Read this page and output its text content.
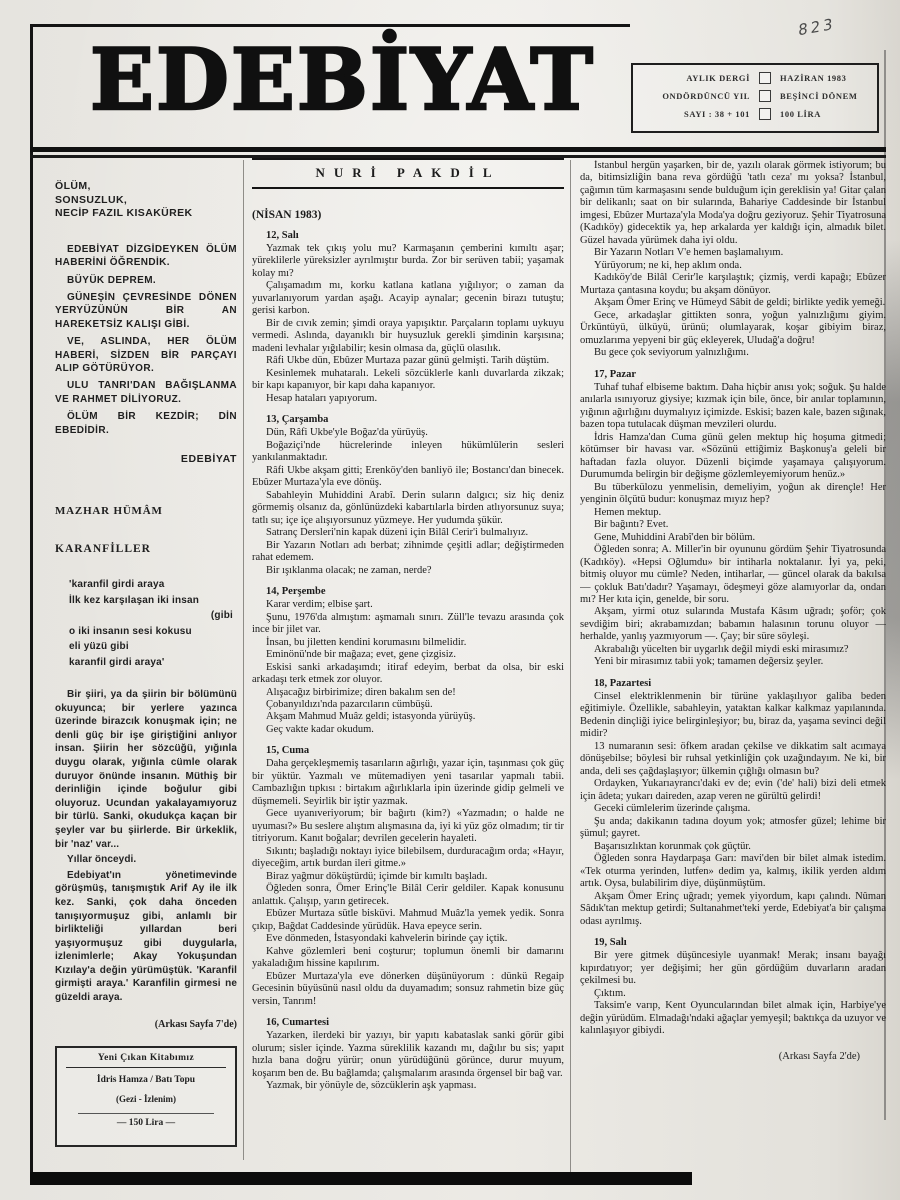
823
EDEBİYAT	AYLIK DERGİ	HAZİRAN 1983
ONDÖRDÜNCÜ YIL	BEŞİNCİ DÖNEM
SAYI : 38 + 101	100 LİRA

ÖLÜM,

SONSUZLUK,

NECİP FAZIL KISAKÜREK

EDEBİYAT DİZGİDEYKEN ÖLÜM HABERİNİ ÖĞRENDİK.

BÜYÜK DEPREM.

GÜNEŞİN ÇEVRESİNDE DÖNEN YERYÜZÜNÜN BİR AN HAREKETSİZ KALIŞI GİBİ.

VE, ASLINDA, HER ÖLÜM HABERİ, SİZDEN BİR PARÇAYI ALIP GÖTÜRÜYOR.

ULU TANRI'DAN BAĞIŞLANMA VE RAHMET DİLİYORUZ.

ÖLÜM BİR KEZDİR; DİN EBEDİDİR.

EDEBİYAT

MAZHAR HÜMÂM

KARANFİLLER

'karanfil girdi araya

İlk kez karşılaşan iki insan

(gibi

o iki insanın sesi kokusu

eli yüzü gibi

karanfil girdi araya'

Bir şiiri, ya da şiirin bir bölümünü okuyunca; bir yerlere yazınca üzerinde birazcık konuşmak için; ne denli güç bir işe giriştiğini anlıyor insan. Şiirin her sözcüğü, yığınla duygu olarak, yığınla cümle olarak duruyor önünde insanın. Müthiş bir derinliğin içinde boğulur gibi oluyoruz. Ucundan yakalayamıyoruz bir türlü. Sanki, okudukça kaçan bir şeyler var bu şiirlerde. Bir ürkeklik, bir 'naz' var...

Yıllar önceydi.

Edebiyat'ın yönetimevinde görüşmüş, tanışmıştık Arif Ay ile ilk kez. Sanki, çok daha önceden tanışıyormuşuz gibi, anlamlı bir birlikteliği yıllardan beri yaşıyormuşuz gibi duygularla, izlenimlerle; Akay Yokuşundan Kızılay'a değin yürümüştük. 'Karanfil girmişti araya.' Karanfilin girmesi ne güzeldi araya.

(Arkası Sayfa 7'de)

Yeni Çıkan Kitabımız

İdris Hamza / Batı Topu

(Gezi - İzlenim)

— 150 Lira —

NURİ PAKDİL
(NİSAN 1983)
12, Salı

Yazmak tek çıkış yolu mu? Karmaşanın çemberini kımıltı aşar; yüreklilerle yüreksizler ayrılmıştır burda. Zor bir serüven tabii; yaşamak kolay mı?

Çalışamadım mı, korku katlana katlana yığılıyor; o zaman da yuvarlanıyorum yardan aşağı. Acayip aynalar; gecenin birazı tutuştu; gerisi karbon.

Bir de cıvık zemin; şimdi oraya yapışıktır. Parçaların toplamı uykuyu vermedi. Aslında, dayanıklı bir huysuzluk gerekli şimdinin karşısına; madeni levhalar yığılabilir; kesin olmasa da, güçlü olasılık.

Râfi Ukbe dün, Ebûzer Murtaza pazar günü gelmişti. Tarih düştüm.

Kesinlemek muhataralı. Lekeli sözcüklerle kanlı duvarlarda zikzak; bir kapı kapanıyor, bir kapı daha kapanıyor.

Hesap hataları yapıyorum.

13, Çarşamba

Dün, Râfi Ukbe'yle Boğaz'da yürüyüş.

Boğaziçi'nde hücrelerinde inleyen hükümlülerin sesleri yankılanmaktadır.

Râfi Ukbe akşam gitti; Erenköy'den banliyö ile; Bostancı'dan binecek. Ebûzer Murtaza'yla eve dönüş.

Sabahleyin Muhiddini Arabî. Derin suların dalgıcı; siz hiç deniz görmemiş olsanız da, gönlünüzdeki kabartılarla birden atlıyorsunuz suya; tatlı su; içe içe alışıyorsunuz yüzmeye. Her yudumda şükür.

Satranç Dersleri'nin kapak düzeni için Bilâl Cerir'i bulmalıyız.

Bir Yazarın Notları adı berbat; zihnimde çeşitli adlar; değiştirmeden rahat edemem.

Bir ışıklanma olacak; ne zaman, nerde?

14, Perşembe

Karar verdim; elbise şart.

Şunu, 1976'da almıştım: aşmamalı sınırı. Züll'le tevazu arasında çok ince bir jilet var.

İnsan, bu jiletten kendini korumasını bilmelidir.

Eminönü'nde bir mağaza; evet, gene çizgisiz.

Eskisi sanki arkadaşımdı; itiraf edeyim, berbat da olsa, bir eski arkadaşı terk etmek zor oluyor.

Alışacağız birbirimize; diren bakalım sen de!

Çobanyıldızı'nda pazarcıların cümbüşü.

Akşam Mahmud Muâz geldi; istasyonda yürüyüş.

Geç vakte kadar okudum.

15, Cuma

Daha gerçekleşmemiş tasarıların ağırlığı, yazar için, taşınması çok güç bir yüktür. Yazmalı ve mütemadiyen yeni tasarılar yapmalı tabii. Cambazlığın tıpkısı : birtakım ağırlıklarla ipin üzerinde gidip gelmeli ve düşmemeli. Seyirlik bir iştir yazmak.

Gece uyanıveriyorum; bir bağırtı (kim?) «Yazmadın; o halde ne uyuması?» Bu seslere alıştım alışmasına da, iyi ki yüz göz olmadım; tir tir titriyorum. Kanıt boğalar; devrilen gecelerin hayaleti.

Sıkıntı; başladığı noktayı iyice bilebilsem, durduracağım orda; «Hayır, diyeceğim, artık burdan ileri gitme.»

Biraz yağmur döküştürdü; içimde bir kımıltı başladı.

Öğleden sonra, Ömer Erinç'le Bilâl Cerir geldiler. Kapak konusunu anlattık. Çalışıp, yarın getirecek.

Ebûzer Murtaza sütle bisküvi. Mahmud Muâz'la yemek yedik. Sonra çıkıp, Bağdat Caddesinde yürüdük. Hava epeyce serin.

Eve dönmeden, İstasyondaki kahvelerin birinde çay içtik.

Kahve gözlemleri beni coşturur; toplumun önemli bir damarını yakaladığım hissine kapılırım.

Ebûzer Murtaza'yla eve dönerken düşünüyorum : dünkü Regaip Gecesinin büyüsünü nasıl oldu da duyamadım; sonsuz rahmetin bize güç versin, Tanrım!

16, Cumartesi

Yazarken, ilerdeki bir yazıyı, bir yapıtı kabataslak sanki görür gibi olurum; sisler içinde. Yazma süreklilik kazandı mı, dağılır bu sis; yapıt hızla bana doğru yürür; onun yürüdüğünü görünce, durur muyum, koşarım ben de. Bu bağlamda; çalışmalarım arasında örgensel bir bağ var.

Yazmak, bir yönüyle de, sözcüklerin aşk yapması.

İstanbul hergün yaşarken, bir de, yazılı olarak görmek istiyorum; bu da, bitimsizliğin bana reva gördüğü 'tatlı ceza' mı yoksa? İstanbul, çağımın tüm karmaşasını sende bulduğum için gereklisin ya! Gitar çalan bir delikanlı; saat on bir sularında, Bahariye Caddesinde bir İstanbul imgesi, Ebûzer Murtaza'yla Moda'ya doğru geziyoruz. Şehir Tiyatrosuna (Kadıköy) gidecektik ya, hep arkalarda yer kaldığı için, almadık bilet. Güzel havada yürümek daha iyi oldu.

Bir Yazarın Notları V'e hemen başlamalıyım.

Yürüyorum; ne ki, hep aklım onda.

Kadıköy'de Bilâl Cerir'le karşılaştık; çizmiş, verdi kapağı; Ebûzer Murtaza çantasına koydu; bu akşam dönüyor.

Akşam Ömer Erinç ve Hümeyd Sâbit de geldi; birlikte yedik yemeği.

Gece, arkadaşlar gittikten sonra, yoğun yalnızlığımı giyim. Ürküntüyü, ülküyü, ürünü; olumlayarak, koşar gibiyim biraz, omuzlarıma yepyeni bir güç ekleyerek, Uludağ'a doğru!

Bu gece çok seviyorum yalnızlığımı.

17, Pazar

Tuhaf tuhaf elbiseme baktım. Daha hiçbir anısı yok; soğuk. Şu halde anılarla ısınıyoruz giysiye; kızmak için bile, önce, bir anılar toplamının, yığının ağırlığını duymalıyız içimizde. Eskisi; bazen kale, bazen sığınak, bazen topa tutulacak düşman mevzileri olurdu.

İdris Hamza'dan Cuma günü gelen mektup hiç hoşuma gitmedi; kötümser bir havası var. «Sözünü ettiğimiz Başkonuş'a geleli bir haftadan fazla oluyor. Düzenli biçimde yaşamaya çalışıyorum. Durumumda belirgin bir değişme gözlemleyemiyorum henüz.»

Bu tüberkülozu yenmelisin, demeliyim, yoğun ak dirençle! Her yenginin ölçütü budur: konuşmaz mıyız hep?

Hemen mektup.

Bir bağıntı? Evet.

Gene, Muhiddini Arabî'den bir bölüm.

Öğleden sonra; A. Miller'in bir oyununu gördüm Şehir Tiyatrosunda (Kadıköy). «Hepsi Oğlumdu» bir intiharla noktalanır. İyi ya, peki, bitmiş oluyor mu cümle? Neden, intiharlar, — güncel olarak da bakılsa — çokluk Batı'dadır? Yaşamayı, ödeşmeyi göze alamıyorlar da, ondan mı? Her kıta için, genelde, bir soru.

Akşam, yirmi otuz sularında Mustafa Kâsım uğradı; şoför; çok sevdiğim biri; akrabamızdan; babamın halasının torunu oluyor — herhalde, yanlış yazmıyorum —. Çay; bir süre söyleşi.

Akrabalığı yücelten bir uygarlık değil miydi eski mirasımız?

Yeni bir mirasımız tabii yok; tamamen değersiz şeyler.

18, Pazartesi

Cinsel elektriklenmenin bir türüne yaklaşılıyor galiba beden eğitimiyle. Özellikle, sabahleyin, yataktan kalkar kalkmaz yapılanında. Bedenin dinçliği iyice belirginleşiyor; bu, biraz da, yaşama sevinci değil midir?

13 numaranın sesi: öfkem aradan çekilse ve dikkatim salt acımaya dönüşebilse; böylesi bir ruhsal yetkinliğin çok uzağındayım. Ne ki, bir anda, deli ses çağdaşlaşıyor; ülkemin çığlığı olmasın bu?

Ordayken, Yukarıayrancı'daki ev de; evin ('de' hali) bizi deli etmek için âdeta; yukarı daireden, azap veren ne gürültü gelirdi!

Geceki cümlelerim üzerinde çalışma.

Şu anda; dakikanın tadına doyum yok; atmosfer güzel; lehime bir şümul; gayret.

Başarısızlıktan korunmak çok güçtür.

Öğleden sonra Haydarpaşa Garı: mavi'den bir bilet almak istedim. «Tek oturma yerinden, lutfen» dedim ya, kalmış, ikilik yerden aldım artık. Oysa, bulabilirim diye, düşünmüştüm.

Akşam Ömer Erinç uğradı; yemek yiyordum, kapı çalındı. Nûman Sâdık'tan mektup getirdi; Sultanahmet'teki yerde, Edebiyat'a bir çalışma odası ayrılmış.

19, Salı

Bir yere gitmek düşüncesiyle uyanmak! Merak; insanı bayağı kıpırdatıyor; yer değişimi; her gün gördüğüm duvarların aradan çekilmesi bu.

Çıktım.

Taksim'e varıp, Kent Oyuncularından bilet almak için, Harbiye'ye değin yürüdüm. Elmadağı'ndaki ağaçlar yemyeşil; baktıkça da uzuyor ve kalınlaşıyor gibiydi.

(Arkası Sayfa 2'de)
